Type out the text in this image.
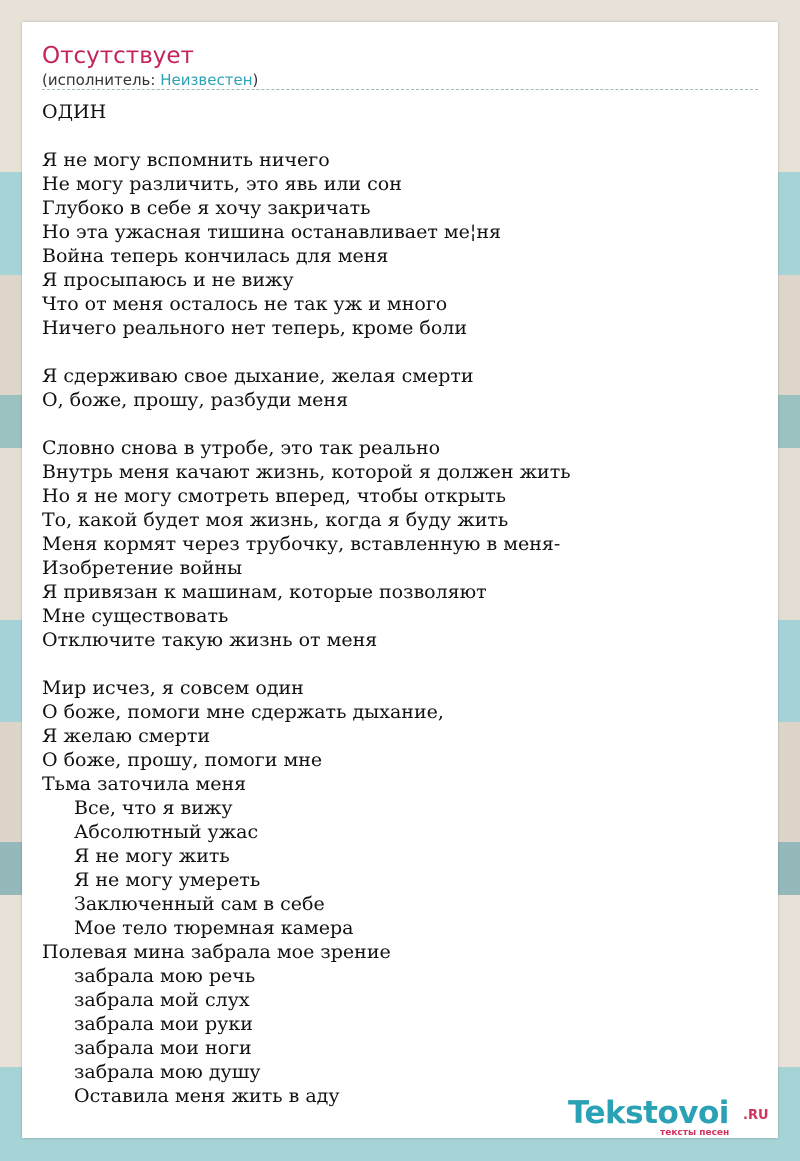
Отсутствует
(исполнитель: Неизвестен)
ОДИН
Я не могу вспомнить ничего
Не могу различить, это явь или сон
Глубоко в себе я хочу закричать
Но эта ужасная тишина останавливает ме¦ня
Война теперь кончилась для меня
Я просыпаюсь и не вижу
Что от меня осталось не так уж и много
Ничего реального нет теперь, кроме боли
Я сдерживаю свое дыхание, желая смерти
О, боже, прошу, разбуди меня
Словно снова в утробе, это так реально
Внутрь меня качают жизнь, которой я должен жить
Но я не могу смотреть вперед, чтобы открыть
То, какой будет моя жизнь, когда я буду жить
Меня кормят через трубочку, вставленную в меня-
Изобретение войны
Я привязан к машинам, которые позволяют
Мне существовать
Отключите такую жизнь от меня
Мир исчез, я совсем один
О боже, помоги мне сдержать дыхание,
Я желаю смерти
О боже, прошу, помоги мне
Тьма заточила меня
Все, что я вижу
Абсолютный ужас
Я не могу жить
Я не могу умереть
Заключенный сам в себе
Мое тело тюремная камера
Полевая мина забрала мое зрение
забрала мою речь
забрала мой слух
забрала мои руки
забрала мои ноги
забрала мою душу
Оставила меня жить в аду	Tekstovoi .RU
тексты песен
